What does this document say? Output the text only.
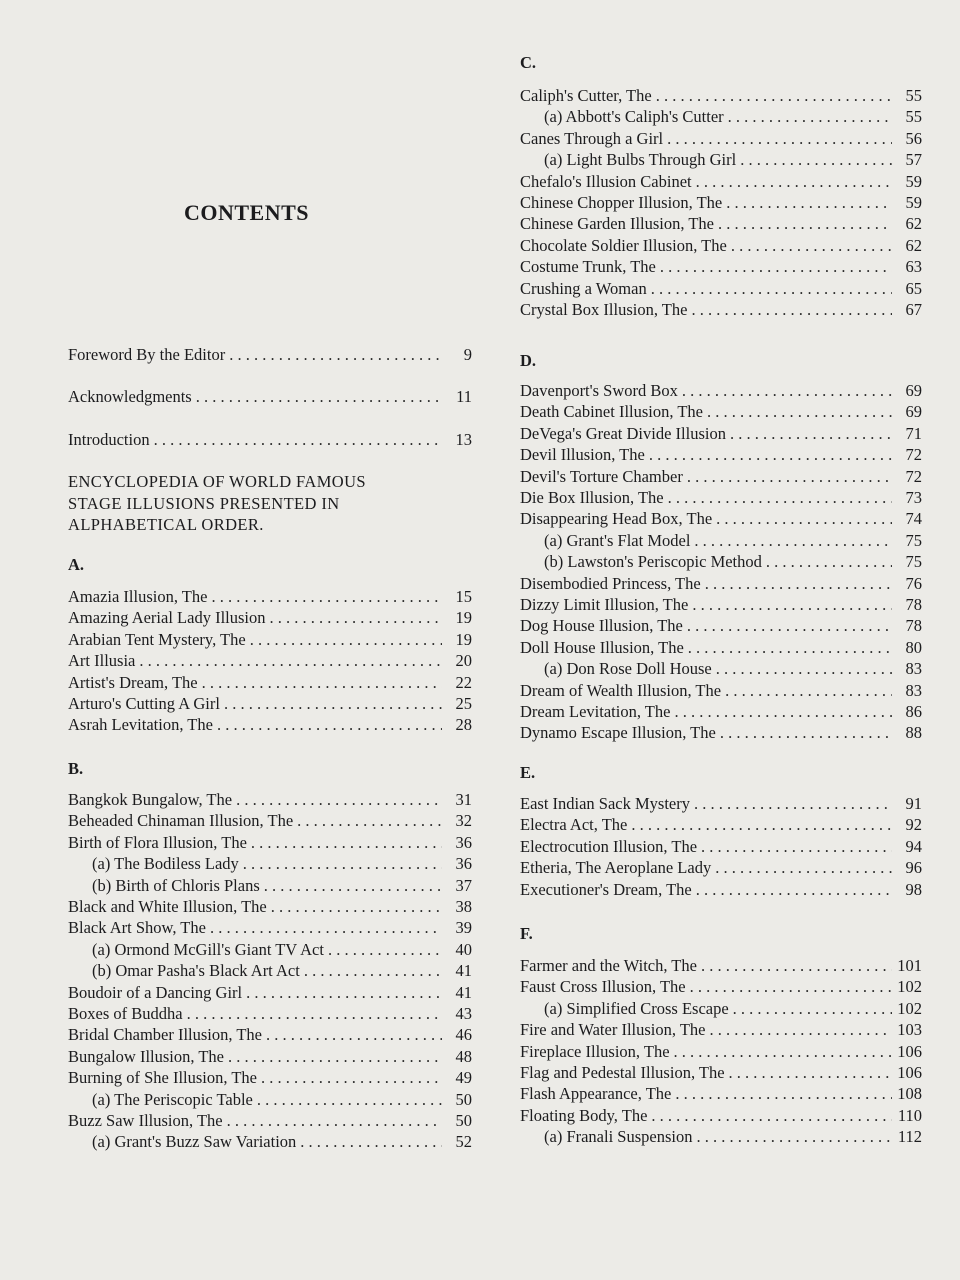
CONTENTS
Foreword By the Editor . . .	9
Acknowledgments . . .	11
Introduction . . .	13
ENCYCLOPEDIA OF WORLD FAMOUS
STAGE ILLUSIONS PRESENTED IN
ALPHABETICAL ORDER.
A.
Amazia Illusion, The . . .	15
Amazing Aerial Lady Illusion . . .	19
Arabian Tent Mystery, The . . .	19
Art Illusia . . .	20
Artist's Dream, The . . .	22
Arturo's Cutting A Girl . . .	25
Asrah Levitation, The . . .	28
B.
Bangkok Bungalow, The . . .	31
Beheaded Chinaman Illusion, The . . .	32
Birth of Flora Illusion, The . . .	36
(a) The Bodiless Lady . . .	36
(b) Birth of Chloris Plans . . .	37
Black and White Illusion, The . . .	38
Black Art Show, The . . .	39
(a) Ormond McGill's Giant TV Act . . .	40
(b) Omar Pasha's Black Art Act . . .	41
Boudoir of a Dancing Girl . . .	41
Boxes of Buddha . . .	43
Bridal Chamber Illusion, The . . .	46
Bungalow Illusion, The . . .	48
Burning of She Illusion, The . . .	49
(a) The Periscopic Table . . .	50
Buzz Saw Illusion, The . . .	50
(a) Grant's Buzz Saw Variation . . .	52
C.
Caliph's Cutter, The . . .	55
(a) Abbott's Caliph's Cutter . . .	55
Canes Through a Girl . . .	56
(a) Light Bulbs Through Girl . . .	57
Chefalo's Illusion Cabinet . . .	59
Chinese Chopper Illusion, The . . .	59
Chinese Garden Illusion, The . . .	62
Chocolate Soldier Illusion, The . . .	62
Costume Trunk, The . . .	63
Crushing a Woman . . .	65
Crystal Box Illusion, The . . .	67
D.
Davenport's Sword Box . . .	69
Death Cabinet Illusion, The . . .	69
DeVega's Great Divide Illusion . . .	71
Devil Illusion, The . . .	72
Devil's Torture Chamber . . .	72
Die Box Illusion, The . . .	73
Disappearing Head Box, The . . .	74
(a) Grant's Flat Model . . .	75
(b) Lawston's Periscopic Method . . .	75
Disembodied Princess, The . . .	76
Dizzy Limit Illusion, The . . .	78
Dog House Illusion, The . . .	78
Doll House Illusion, The . . .	80
(a) Don Rose Doll House . . .	83
Dream of Wealth Illusion, The . . .	83
Dream Levitation, The . . .	86
Dynamo Escape Illusion, The . . .	88
E.
East Indian Sack Mystery . . .	91
Electra Act, The . . .	92
Electrocution Illusion, The . . .	94
Etheria, The Aeroplane Lady . . .	96
Executioner's Dream, The . . .	98
F.
Farmer and the Witch, The . . .	101
Faust Cross Illusion, The . . .	102
(a) Simplified Cross Escape . . .	102
Fire and Water Illusion, The . . .	103
Fireplace Illusion, The . . .	106
Flag and Pedestal Illusion, The . . .	106
Flash Appearance, The . . .	108
Floating Body, The . . .	110
(a) Franali Suspension . . .	112
